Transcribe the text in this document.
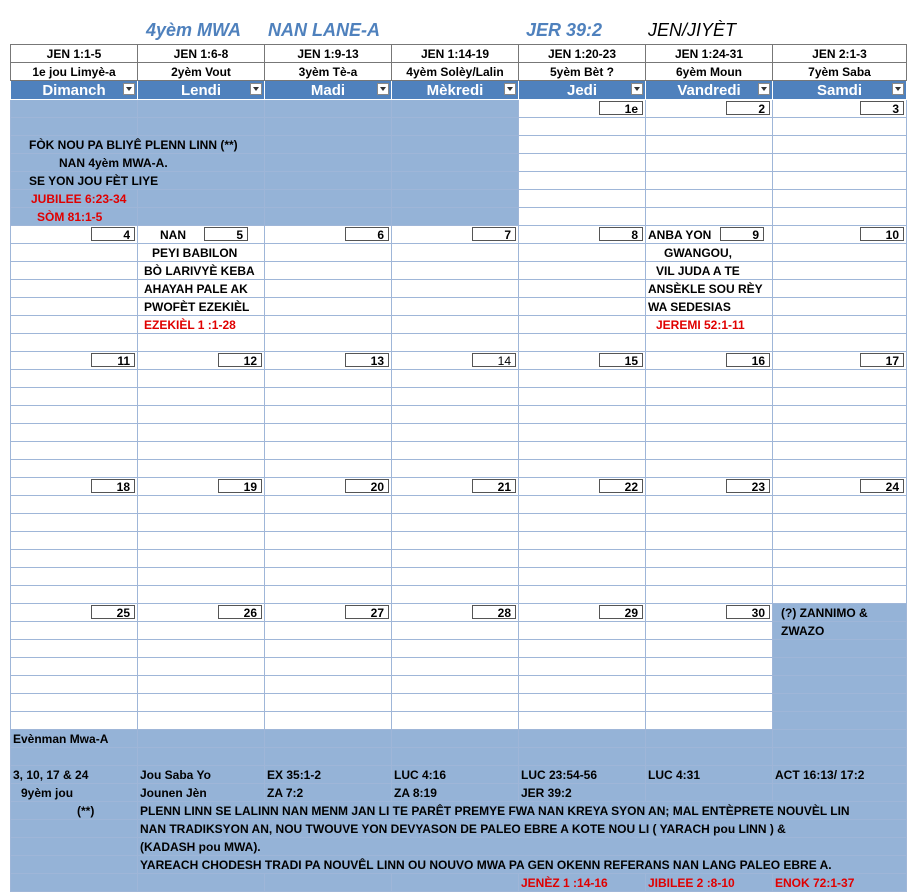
4yèm MWA NAN LANE-A	JER 39:2	JEN/JIYÈT
JEN 1:1-5	JEN 1:6-8	JEN 1:9-13	JEN 1:14-19	JEN 1:20-23	JEN 1:24-31	JEN 2:1-3
1e jou Limyè-a	2yèm Vout	3yèm Tè-a	4yèm Solèy/Lalin	5yèm Bèt ?	6yèm Moun	7yèm Saba
Dimanch	Lendi	Madi	Mèkredi	Jedi	Vandredi	Samdi

				1e	2	3

FÒK NOU PA BLIYÊ PLENN LINN (**)						
NAN 4yèm MWA-A.						
SE YON JOU FÈT LIYE						
JUBILEE 6:23-34						
SÒM 81:1-5						
4	NAN 5	6	7	8	ANBA YON 9	10
	PEYI BABILON				GWANGOU,	
	BÒ LARIVYÈ KEBA				VIL JUDA A TE	
	AHAYAH PALE AK				ANSÈKLE SOU RÈY	
	PWOFÈT EZEKIÈL				WA SEDESIAS	
	EZEKIÈL 1 :1-28				JEREMI 52:1-11	

11	12	13	14	15	16	17

18	19	20	21	22	23	24

25	26	27	28	29	30	(?) ZANNIMO &
						ZWAZO

Evènman Mwa-A						

3, 10, 17 & 24	Jou Saba Yo	EX 35:1-2	LUC 4:16	LUC 23:54-56	LUC 4:31	ACT 16:13/ 17:2
9yèm jou	Jounen Jèn	ZA 7:2	ZA 8:19	JER 39:2		
(**)	PLENN LINN SE LALINN NAN MENM JAN LI TE PARÊT PREMYE FWA NAN KREYA SYON AN; MAL ENTÈPRETE NOUVÈL LIN					
	NAN TRADIKSYON AN, NOU TWOUVE YON DEVYASON DE PALEO EBRE A KOTE NOU LI ( YARACH pou LINN ) &					
	(KADASH pou MWA).					
	YAREACH CHODESH TRADI PA NOUVÊL LINN OU NOUVO MWA PA GEN OKENN REFERANS NAN LANG PALEO EBRE A.					
				JENÈZ 1 :14-16	JIBILEE 2 :8-10	ENOK 72:1-37
